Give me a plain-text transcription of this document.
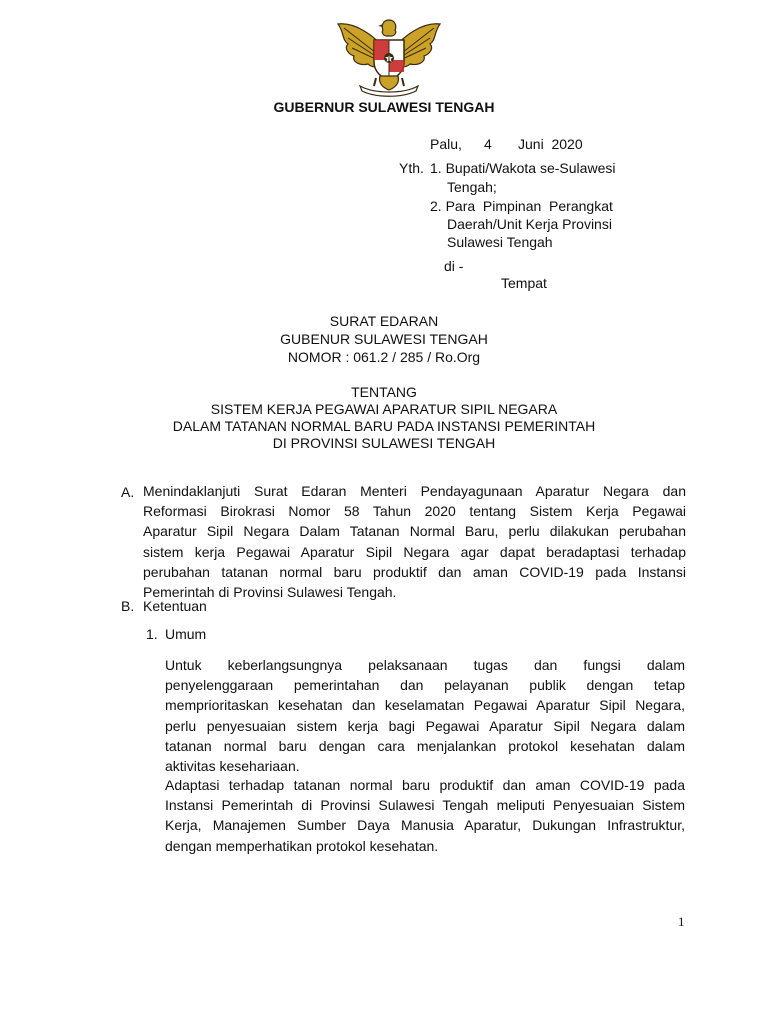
GUBERNUR SULAWESI TENGAH
Palu, 4 Juni  2020
Yth. 1. Bupati/Wakota se-Sulawesi
Tengah;
2. Para  Pimpinan  Perangkat
Daerah/Unit Kerja Provinsi
Sulawesi Tengah
di -
Tempat
SURAT EDARAN
GUBENUR SULAWESI TENGAH
NOMOR : 061.2 / 285 / Ro.Org
TENTANG
SISTEM KERJA PEGAWAI APARATUR SIPIL NEGARA
DALAM TATANAN NORMAL BARU PADA INSTANSI PEMERINTAH
DI PROVINSI SULAWESI TENGAH
A. Menindaklanjuti Surat Edaran Menteri Pendayagunaan Aparatur Negara dan
Reformasi Birokrasi Nomor 58 Tahun 2020 tentang Sistem Kerja Pegawai
Aparatur Sipil Negara Dalam Tatanan Normal Baru, perlu dilakukan perubahan
sistem kerja Pegawai Aparatur Sipil Negara agar dapat beradaptasi terhadap
perubahan tatanan normal baru produktif dan aman COVID-19 pada Instansi
Pemerintah di Provinsi Sulawesi Tengah.
B. Ketentuan
1. Umum
Untuk keberlangsungnya pelaksanaan tugas dan fungsi dalam
penyelenggaraan pemerintahan dan pelayanan publik dengan tetap
memprioritaskan kesehatan dan keselamatan Pegawai Aparatur Sipil Negara,
perlu penyesuaian sistem kerja bagi Pegawai Aparatur Sipil Negara dalam
tatanan normal baru dengan cara menjalankan protokol kesehatan dalam
aktivitas kesehariaan.
Adaptasi terhadap tatanan normal baru produktif dan aman COVID-19 pada
Instansi Pemerintah di Provinsi Sulawesi Tengah meliputi Penyesuaian Sistem
Kerja, Manajemen Sumber Daya Manusia Aparatur, Dukungan Infrastruktur,
dengan memperhatikan protokol kesehatan.
1
